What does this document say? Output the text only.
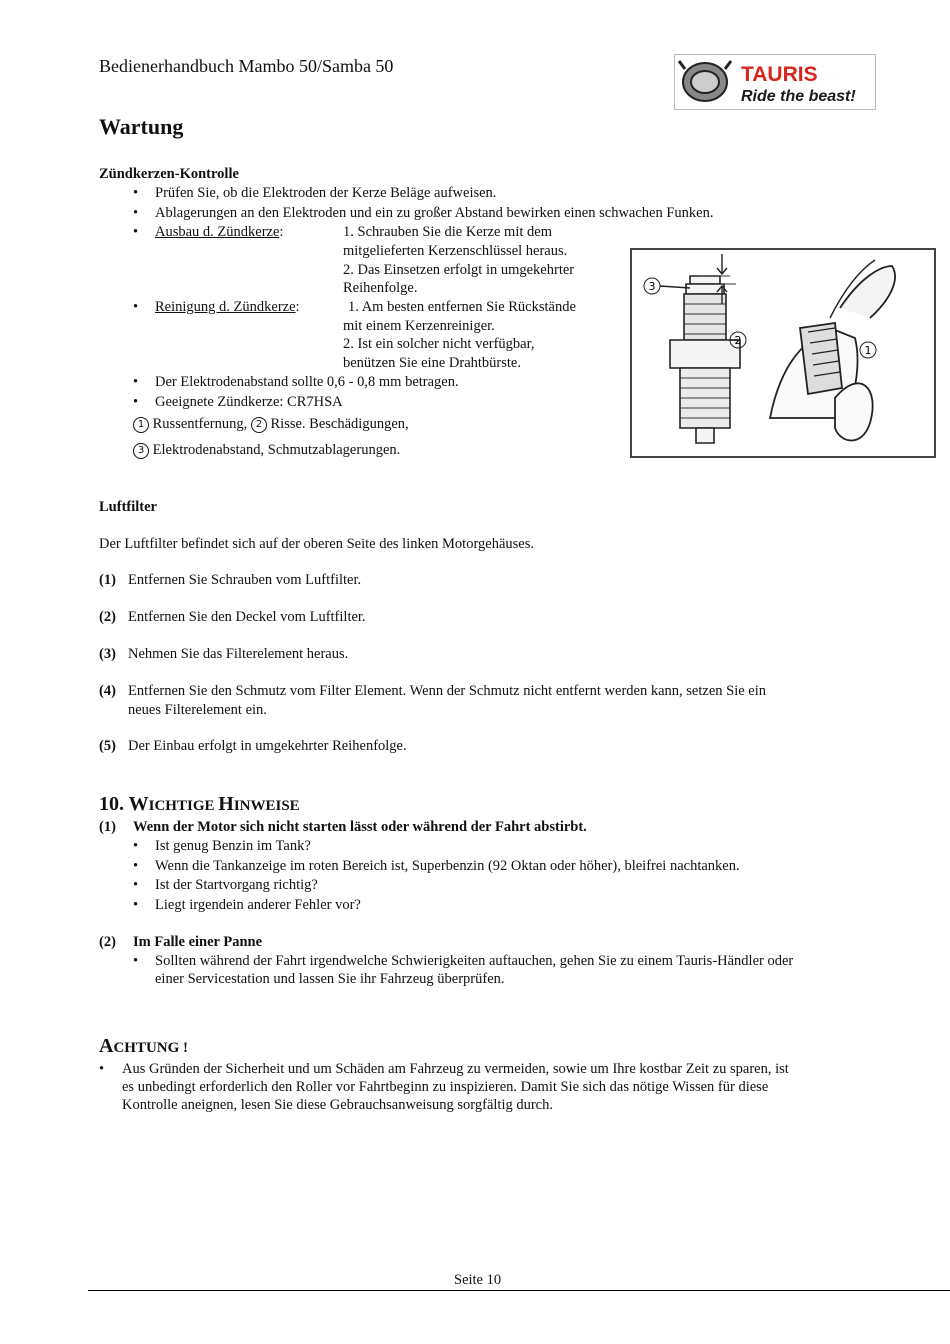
Bedienerhandbuch Mambo 50/Samba 50	TAURIS
Ride the beast!
Wartung
Zündkerzen-Kontrolle
Prüfen Sie, ob die Elektroden der Kerze Beläge aufweisen.
Ablagerungen an den Elektroden und ein zu großer Abstand bewirken einen schwachen Funken.
Ausbau d. Zündkerze:	1. Schrauben Sie die Kerze mit dem
mitgelieferten Kerzenschlüssel heraus.
2. Das Einsetzen erfolgt in umgekehrter
Reihenfolge.
Reinigung d. Zündkerze:	1. Am besten entfernen Sie Rückstände
mit einem Kerzenreiniger.
2. Ist ein solcher nicht verfügbar,
benützen Sie eine Drahtbürste.
Der Elektrodenabstand sollte 0,6 - 0,8 mm betragen.
Geeignete Zündkerze: CR7HSA
1 Russentfernung, 2 Risse. Beschädigungen,
3 Elektrodenabstand, Schmutzablagerungen.
3
2
1
Luftfilter
Der Luftfilter befindet sich auf der oberen Seite des linken Motorgehäuses.
(1) Entfernen Sie Schrauben vom Luftfilter.
(2) Entfernen Sie den Deckel vom Luftfilter.
(3) Nehmen Sie das Filterelement heraus.
(4) Entfernen Sie den Schmutz vom Filter Element. Wenn der Schmutz nicht entfernt werden kann, setzen Sie ein
neues Filterelement ein.
(5) Der Einbau erfolgt in umgekehrter Reihenfolge.
10. WICHTIGE HINWEISE
(1) Wenn der Motor sich nicht starten lässt oder während der Fahrt abstirbt.
Ist genug Benzin im Tank?
Wenn die Tankanzeige im roten Bereich ist, Superbenzin (92 Oktan oder höher), bleifrei nachtanken.
Ist der Startvorgang richtig?
Liegt irgendein anderer Fehler vor?
(2) Im Falle einer Panne
Sollten während der Fahrt irgendwelche Schwierigkeiten auftauchen, gehen Sie zu einem Tauris-Händler oder
einer Servicestation und lassen Sie ihr Fahrzeug überprüfen.
ACHTUNG !
• Aus Gründen der Sicherheit und um Schäden am Fahrzeug zu vermeiden, sowie um Ihre kostbar Zeit zu sparen, ist
es unbedingt erforderlich den Roller vor Fahrtbeginn zu inspizieren. Damit Sie sich das nötige Wissen für diese
Kontrolle aneignen, lesen Sie diese Gebrauchsanweisung sorgfältig durch.
Seite 10
